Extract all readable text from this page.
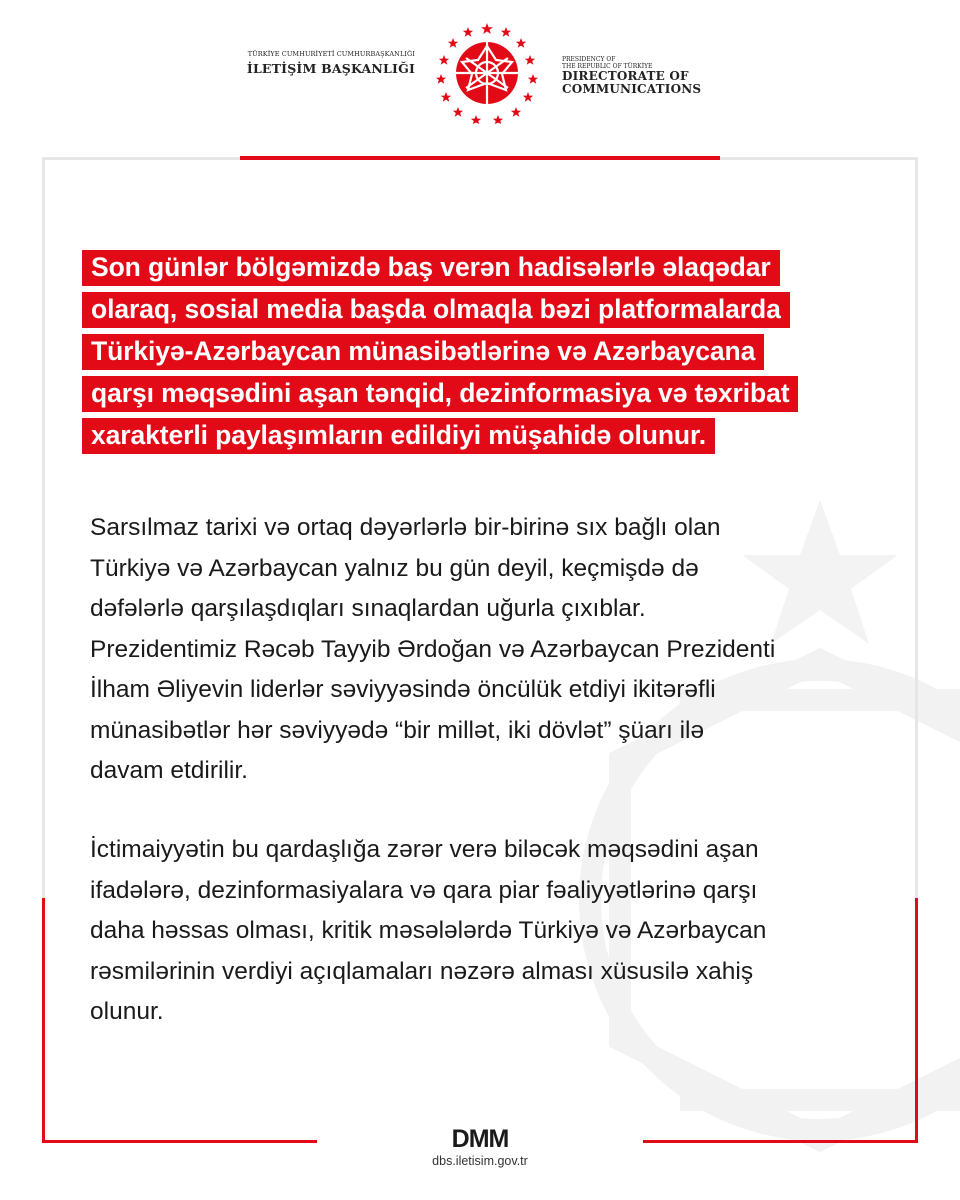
TÜRKİYE CUMHURİYETİ CUMHURBAŞKANLIĞI
İLETİŞİM BAŞKANLIĞI
PRESIDENCY OF
THE REPUBLIC OF TÜRKİYE
DIRECTORATE OF
COMMUNICATIONS
Son günlər bölgəmizdə baş verən hadisələrlə əlaqədar
olaraq, sosial media başda olmaqla bəzi platformalarda
Türkiyə-Azərbaycan münasibətlərinə və Azərbaycana
qarşı məqsədini aşan tənqid, dezinformasiya və təxribat
xarakterli paylaşımların edildiyi müşahidə olunur.
Sarsılmaz tarixi və ortaq dəyərlərlə bir-birinə sıx bağlı olan
Türkiyə və Azərbaycan yalnız bu gün deyil, keçmişdə də
dəfələrlə qarşılaşdıqları sınaqlardan uğurla çıxıblar.
Prezidentimiz Rəcəb Tayyib Ərdoğan və Azərbaycan Prezidenti
İlham Əliyevin liderlər səviyyəsində öncülük etdiyi ikitərəfli
münasibətlər hər səviyyədə “bir millət, iki dövlət” şüarı ilə
davam etdirilir.
İctimaiyyətin bu qardaşlığa zərər verə biləcək məqsədini aşan
ifadələrə, dezinformasiyalara və qara piar fəaliyyətlərinə qarşı
daha həssas olması, kritik məsələlərdə Türkiyə və Azərbaycan
rəsmilərinin verdiyi açıqlamaları nəzərə alması xüsusilə xahiş
olunur.
DMM
dbs.iletisim.gov.tr
